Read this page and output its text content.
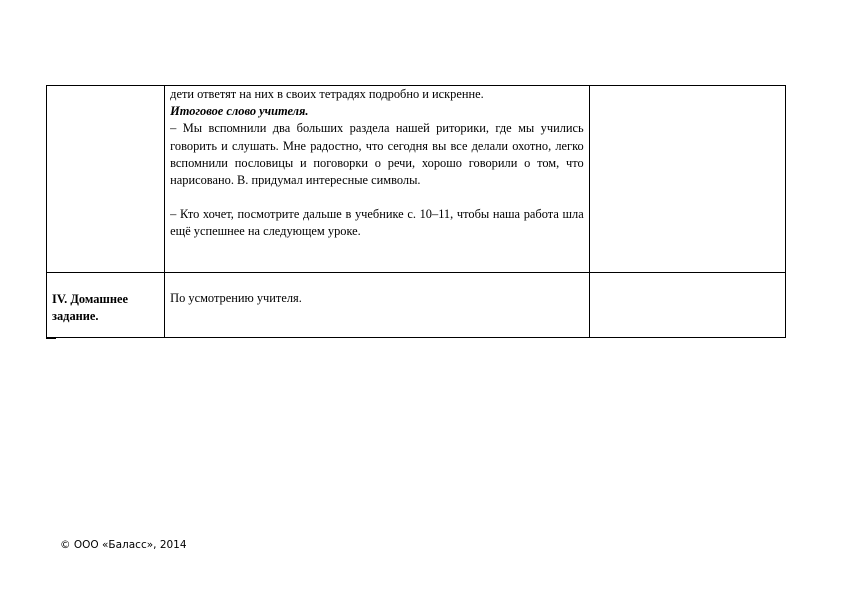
	дети ответят на них в своих тетрадях подробно и искренне.

Итоговое слово учителя.

– Мы вспомнили два больших раздела нашей риторики, где мы учились говорить и слушать. Мне радостно, что сегодня вы все делали охотно, легко вспомнили пословицы и поговорки о речи, хорошо говорили о том, что нарисовано. В. придумал интересные символы.

– Кто хочет, посмотрите дальше в учебнике с. 10–11, чтобы наша работа шла ещё успешнее на следующем уроке.	

IV. Домашнее задание.	По усмотрению учителя.	

© ООО «Баласс», 2014
